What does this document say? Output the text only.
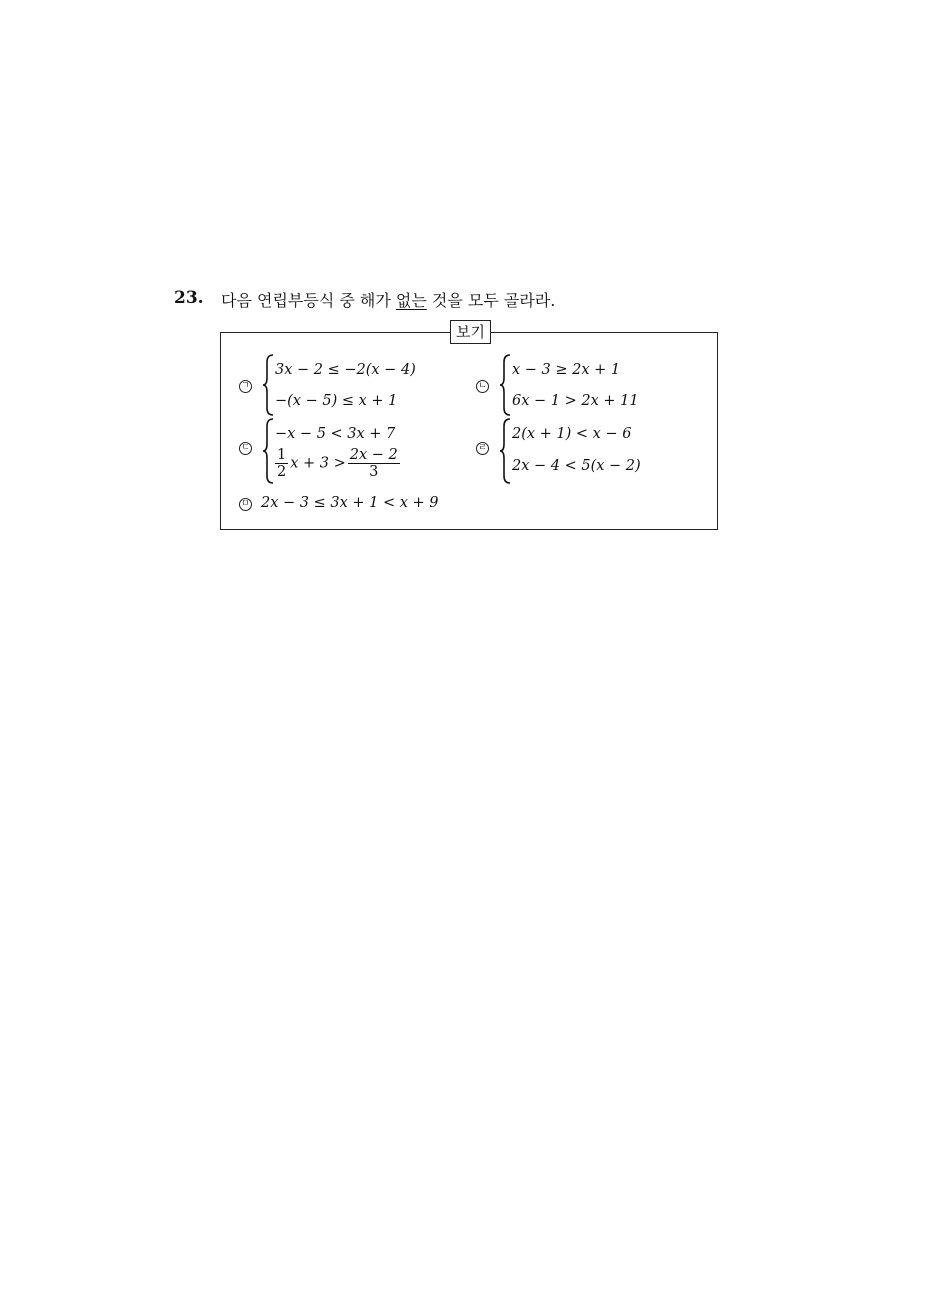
23. 다음 연립부등식 중 해가 없는 것을 모두 골라라.
보기
ㄱ
3x − 2 ≤ −2(x − 4)
−(x − 5) ≤ x + 1
ㄴ
x − 3 ≥ 2x + 1
6x − 1 > 2x + 11
ㄷ
−x − 5 < 3x + 7
$\frac{1}{2}$ $x + 3 > \frac{2x - 2}{3}$	ㄹ
2(x + 1) < x − 6
2x − 4 < 5(x − 2)
ㅁ 2x − 3 ≤ 3x + 1 < x + 9
